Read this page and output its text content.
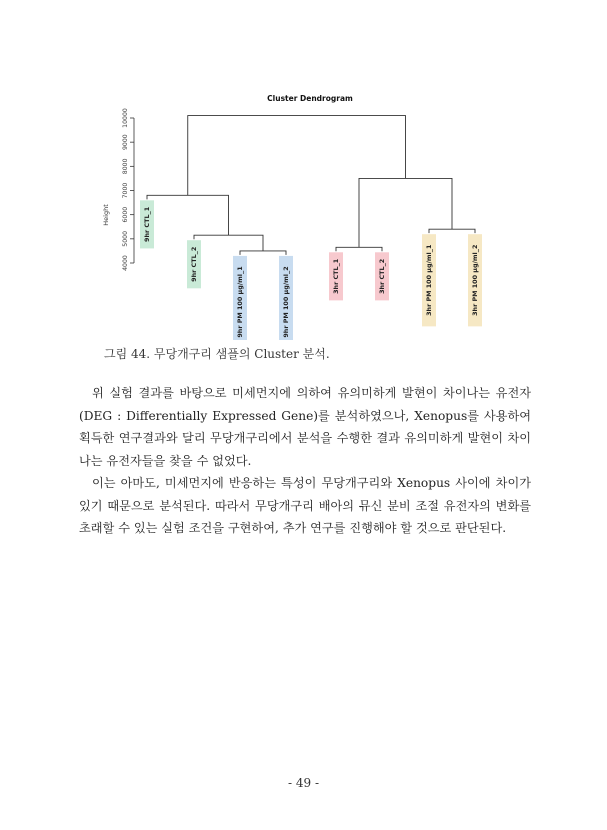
Cluster Dendrogram
4000
5000
6000
7000
8000
9000
10000
Height	9hr CTL_1
9hr CTL_2
9hr PM 100 μg/ml_1	9hr PM 100 μg/ml_2	3hr CTL_1	3hr CTL_2	3hr PM 100 μg/ml_1	3hr PM 100 μg/ml_2
그림 44. 무당개구리 샘플의 Cluster 분석.

위 실험 결과를 바탕으로 미세먼지에 의하여 유의미하게 발현이 차이나는 유전자(DEG : Differentially Expressed Gene)를 분석하였으나, Xenopus를 사용하여 획득한 연구결과와 달리 무당개구리에서 분석을 수행한 결과 유의미하게 발현이 차이나는 유전자들을 찾을 수 없었다.

이는 아마도, 미세먼지에 반응하는 특성이 무당개구리와 Xenopus 사이에 차이가 있기 때문으로 분석된다. 따라서 무당개구리 배아의 뮤신 분비 조절 유전자의 변화를 초래할 수 있는 실험 조건을 구현하여, 추가 연구를 진행해야 할 것으로 판단된다.

- 49 -
